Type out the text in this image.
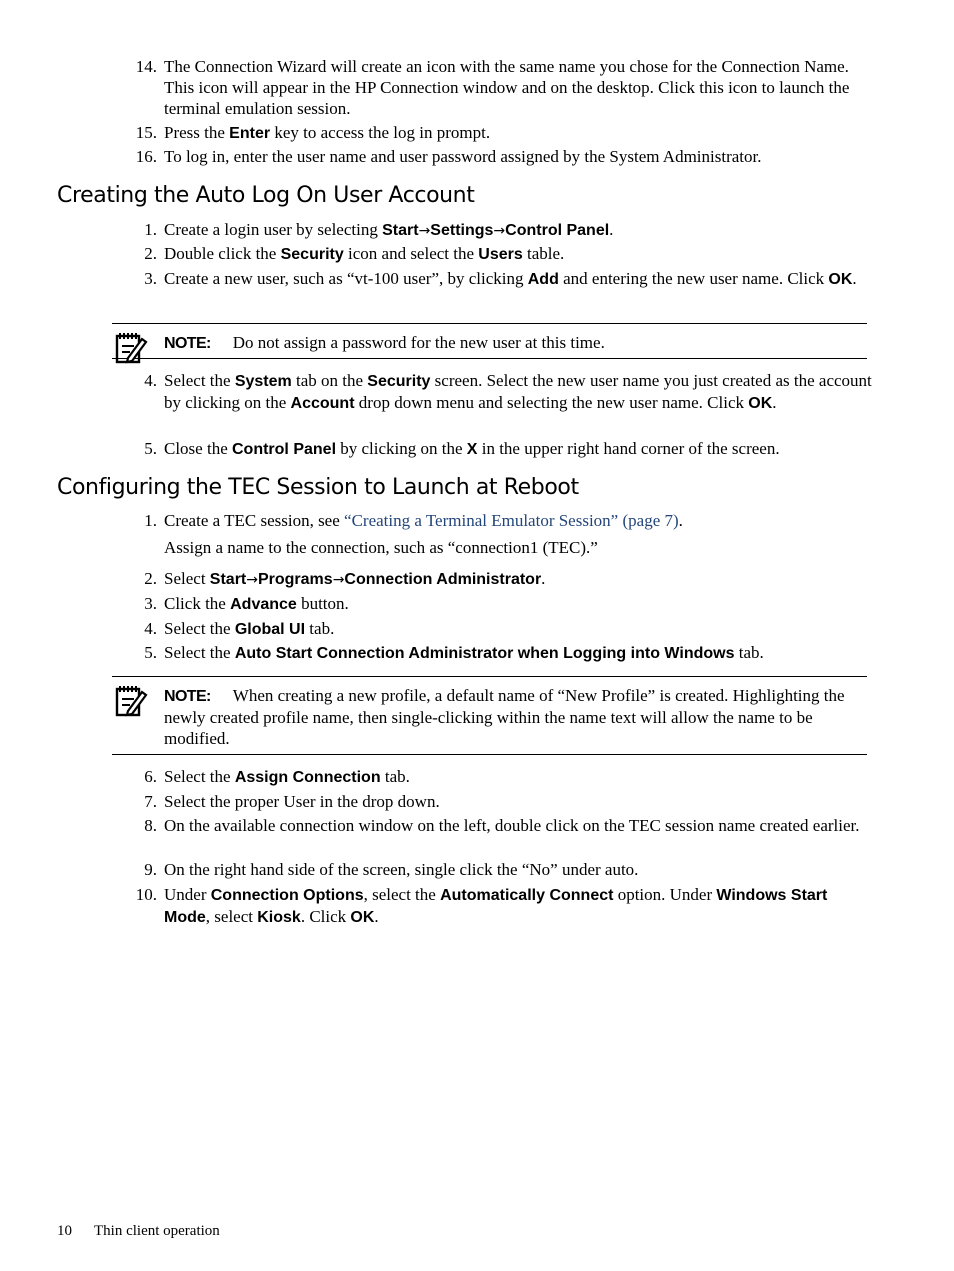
14. The Connection Wizard will create an icon with the same name you chose for the Connection Name. This icon will appear in the HP Connection window and on the desktop. Click this icon to launch the terminal emulation session.
15. Press the Enter key to access the log in prompt.
16. To log in, enter the user name and user password assigned by the System Administrator.
Creating the Auto Log On User Account
1. Create a login user by selecting Start→Settings→Control Panel.
2. Double click the Security icon and select the Users table.
3. Create a new user, such as “vt-100 user”, by clicking Add and entering the new user name. Click OK.
NOTE: Do not assign a password for the new user at this time.
4. Select the System tab on the Security screen. Select the new user name you just created as the account by clicking on the Account drop down menu and selecting the new user name. Click OK.
5. Close the Control Panel by clicking on the X in the upper right hand corner of the screen.
Configuring the TEC Session to Launch at Reboot
1. Create a TEC session, see “Creating a Terminal Emulator Session” (page 7).
Assign a name to the connection, such as “connection1 (TEC).”
2. Select Start→Programs→Connection Administrator.
3. Click the Advance button.
4. Select the Global UI tab.
5. Select the Auto Start Connection Administrator when Logging into Windows tab.
NOTE: When creating a new profile, a default name of “New Profile” is created. Highlighting the newly created profile name, then single-clicking within the name text will allow the name to be modified.
6. Select the Assign Connection tab.
7. Select the proper User in the drop down.
8. On the available connection window on the left, double click on the TEC session name created earlier.
9. On the right hand side of the screen, single click the “No” under auto.
10. Under Connection Options, select the Automatically Connect option. Under Windows Start Mode, select Kiosk. Click OK.
10 Thin client operation
